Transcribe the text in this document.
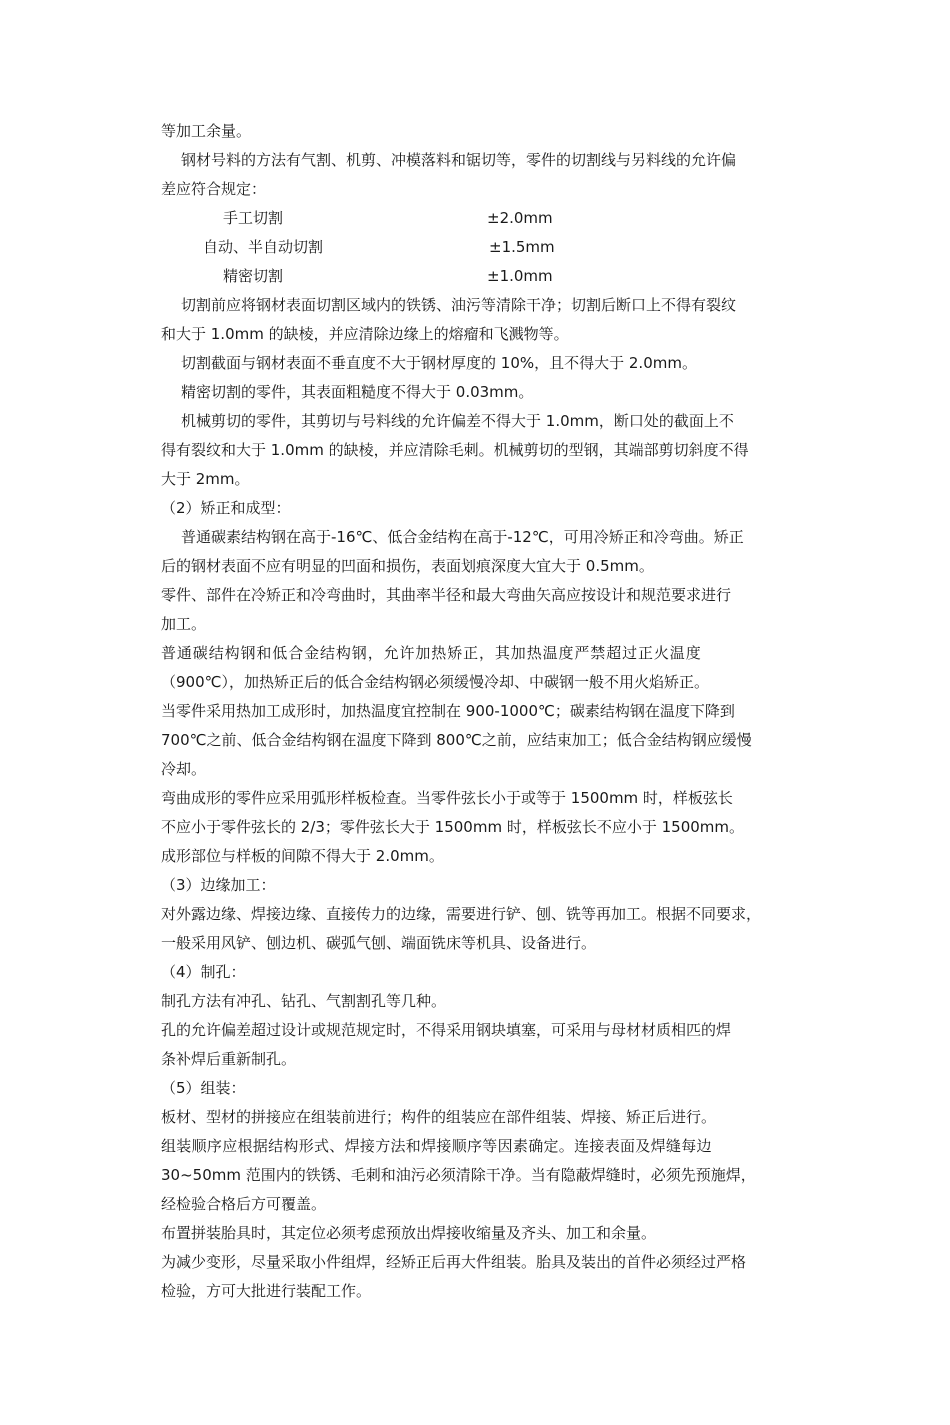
等加工余量。
钢材号料的方法有气割、机剪、冲模落料和锯切等，零件的切割线与另料线的允许偏
差应符合规定：
手工切割	±2.0mm
自动、半自动切割	±1.5mm
精密切割	±1.0mm
切割前应将钢材表面切割区域内的铁锈、油污等清除干净；切割后断口上不得有裂纹
和大于 1.0mm 的缺棱，并应清除边缘上的熔瘤和飞溅物等。
切割截面与钢材表面不垂直度不大于钢材厚度的 10%，且不得大于 2.0mm。
精密切割的零件，其表面粗糙度不得大于 0.03mm。
机械剪切的零件，其剪切与号料线的允许偏差不得大于 1.0mm，断口处的截面上不
得有裂纹和大于 1.0mm 的缺棱，并应清除毛刺。机械剪切的型钢，其端部剪切斜度不得
大于 2mm。
（2）矫正和成型：
普通碳素结构钢在高于-16℃、低合金结构在高于-12℃，可用冷矫正和冷弯曲。矫正
后的钢材表面不应有明显的凹面和损伤，表面划痕深度大宜大于 0.5mm。
零件、部件在冷矫正和冷弯曲时，其曲率半径和最大弯曲矢高应按设计和规范要求进行
加工。
普通碳结构钢和低合金结构钢，允许加热矫正，其加热温度严禁超过正火温度
（900℃），加热矫正后的低合金结构钢必须缓慢冷却、中碳钢一般不用火焰矫正。
当零件采用热加工成形时，加热温度宜控制在 900-1000℃；碳素结构钢在温度下降到
700℃之前、低合金结构钢在温度下降到 800℃之前，应结束加工；低合金结构钢应缓慢
冷却。
弯曲成形的零件应采用弧形样板检查。当零件弦长小于或等于 1500mm 时，样板弦长
不应小于零件弦长的 2/3；零件弦长大于 1500mm 时，样板弦长不应小于 1500mm。
成形部位与样板的间隙不得大于 2.0mm。
（3）边缘加工：
对外露边缘、焊接边缘、直接传力的边缘，需要进行铲、刨、铣等再加工。根据不同要求，
一般采用风铲、刨边机、碳弧气刨、端面铣床等机具、设备进行。
（4）制孔：
制孔方法有冲孔、钻孔、气割割孔等几种。
孔的允许偏差超过设计或规范规定时，不得采用钢块填塞，可采用与母材材质相匹的焊
条补焊后重新制孔。
（5）组装：
板材、型材的拼接应在组装前进行；构件的组装应在部件组装、焊接、矫正后进行。
组装顺序应根据结构形式、焊接方法和焊接顺序等因素确定。连接表面及焊缝每边
30~50mm 范围内的铁锈、毛刺和油污必须清除干净。当有隐蔽焊缝时，必须先预施焊，
经检验合格后方可覆盖。
布置拼装胎具时，其定位必须考虑预放出焊接收缩量及齐头、加工和余量。
为减少变形，尽量采取小件组焊，经矫正后再大件组装。胎具及装出的首件必须经过严格
检验，方可大批进行装配工作。
